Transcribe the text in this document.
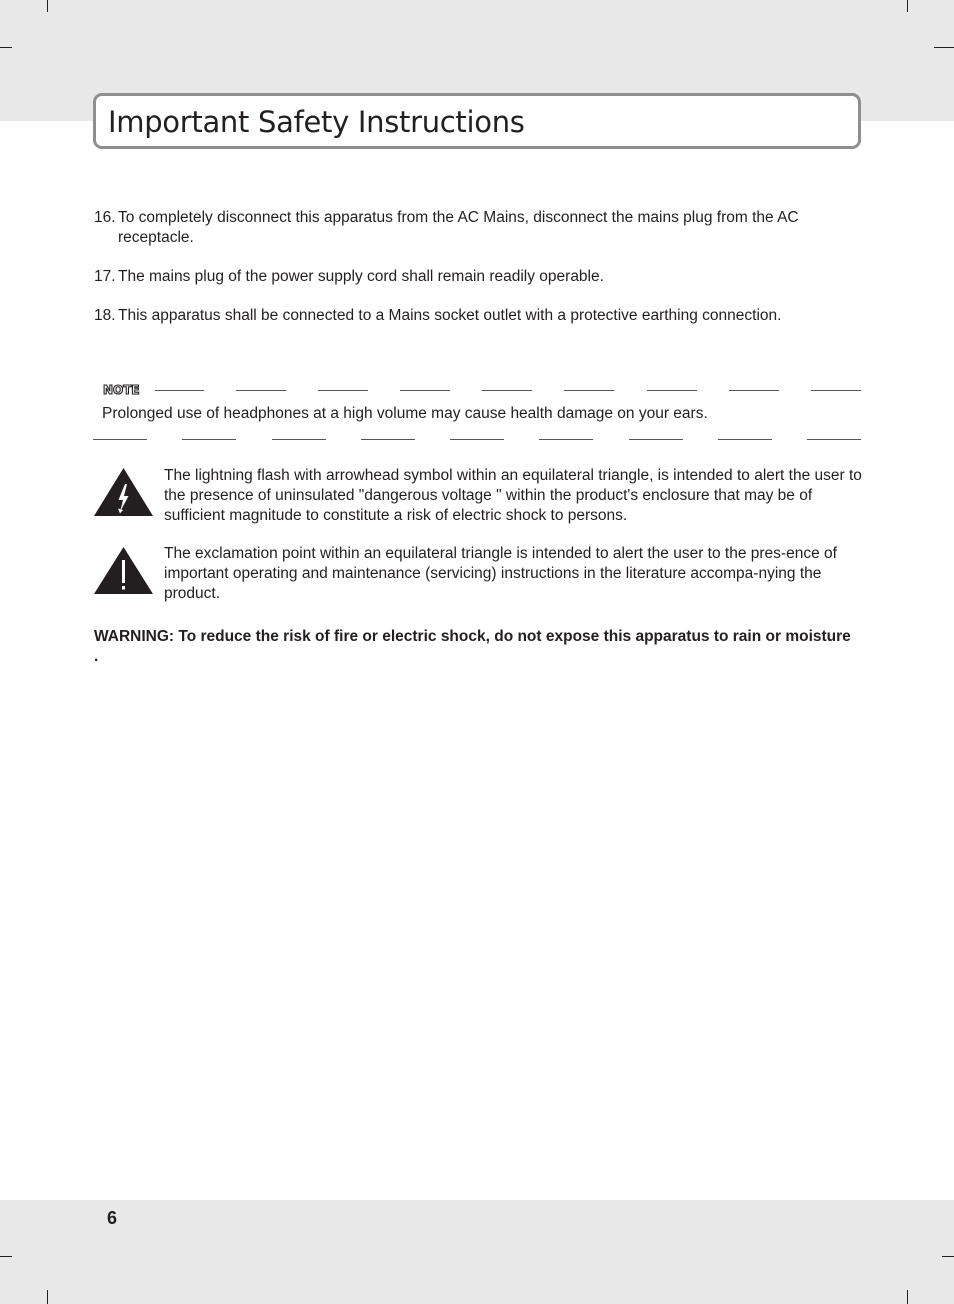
Important Safety Instructions
16. To completely disconnect this apparatus from the AC Mains, disconnect the mains plug from the AC receptacle.
17. The mains plug of the power supply cord shall remain readily operable.
18. This apparatus shall be connected to a Mains socket outlet with a protective earthing connection.
NOTE
Prolonged use of headphones at a high volume may cause health damage on your ears.
The lightning flash with arrowhead symbol within an equilateral triangle, is intended to alert the user to the presence of uninsulated "dangerous voltage " within the product's enclosure that may be of sufficient magnitude to constitute a risk of electric shock to persons.
The exclamation point within an equilateral triangle is intended to alert the user to the pres-ence of important operating and maintenance (servicing) instructions in the literature accompa-nying the product.
WARNING: To reduce the risk of fire or electric shock, do not expose this apparatus to rain or moisture .
6
